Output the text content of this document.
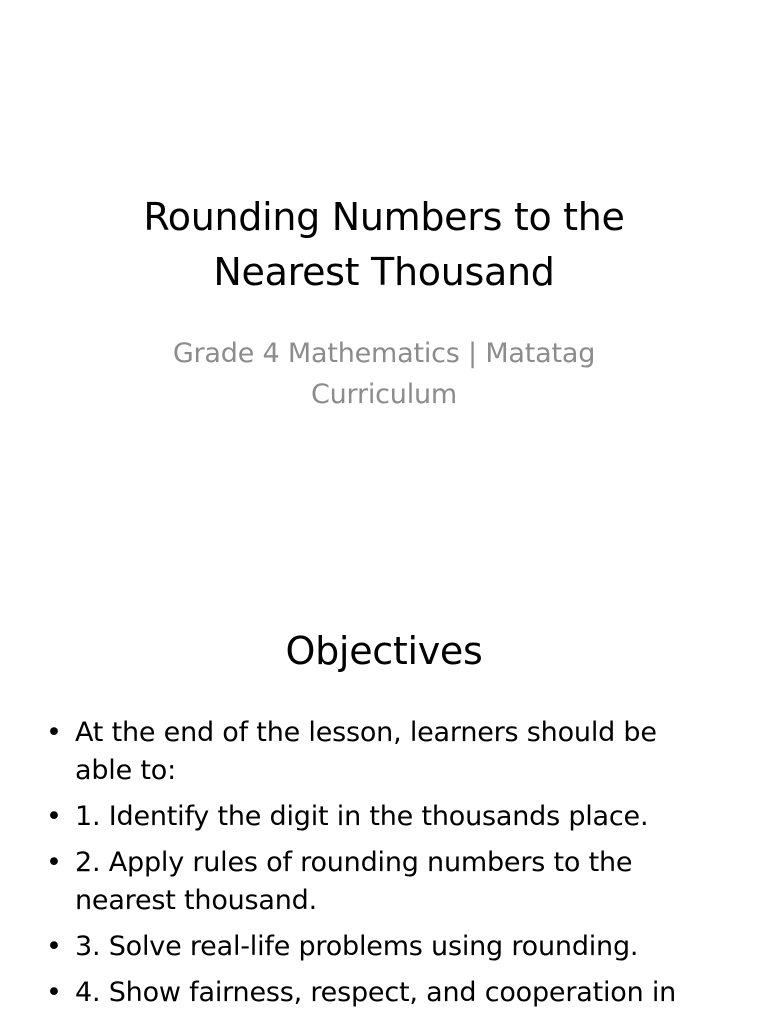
Rounding Numbers to the
Nearest Thousand
Grade 4 Mathematics | Matatag
Curriculum
Objectives
• At the end of the lesson, learners should be
able to:
• 1. Identify the digit in the thousands place.
• 2. Apply rules of rounding numbers to the
nearest thousand.
• 3. Solve real-life problems using rounding.
• 4. Show fairness, respect, and cooperation in
